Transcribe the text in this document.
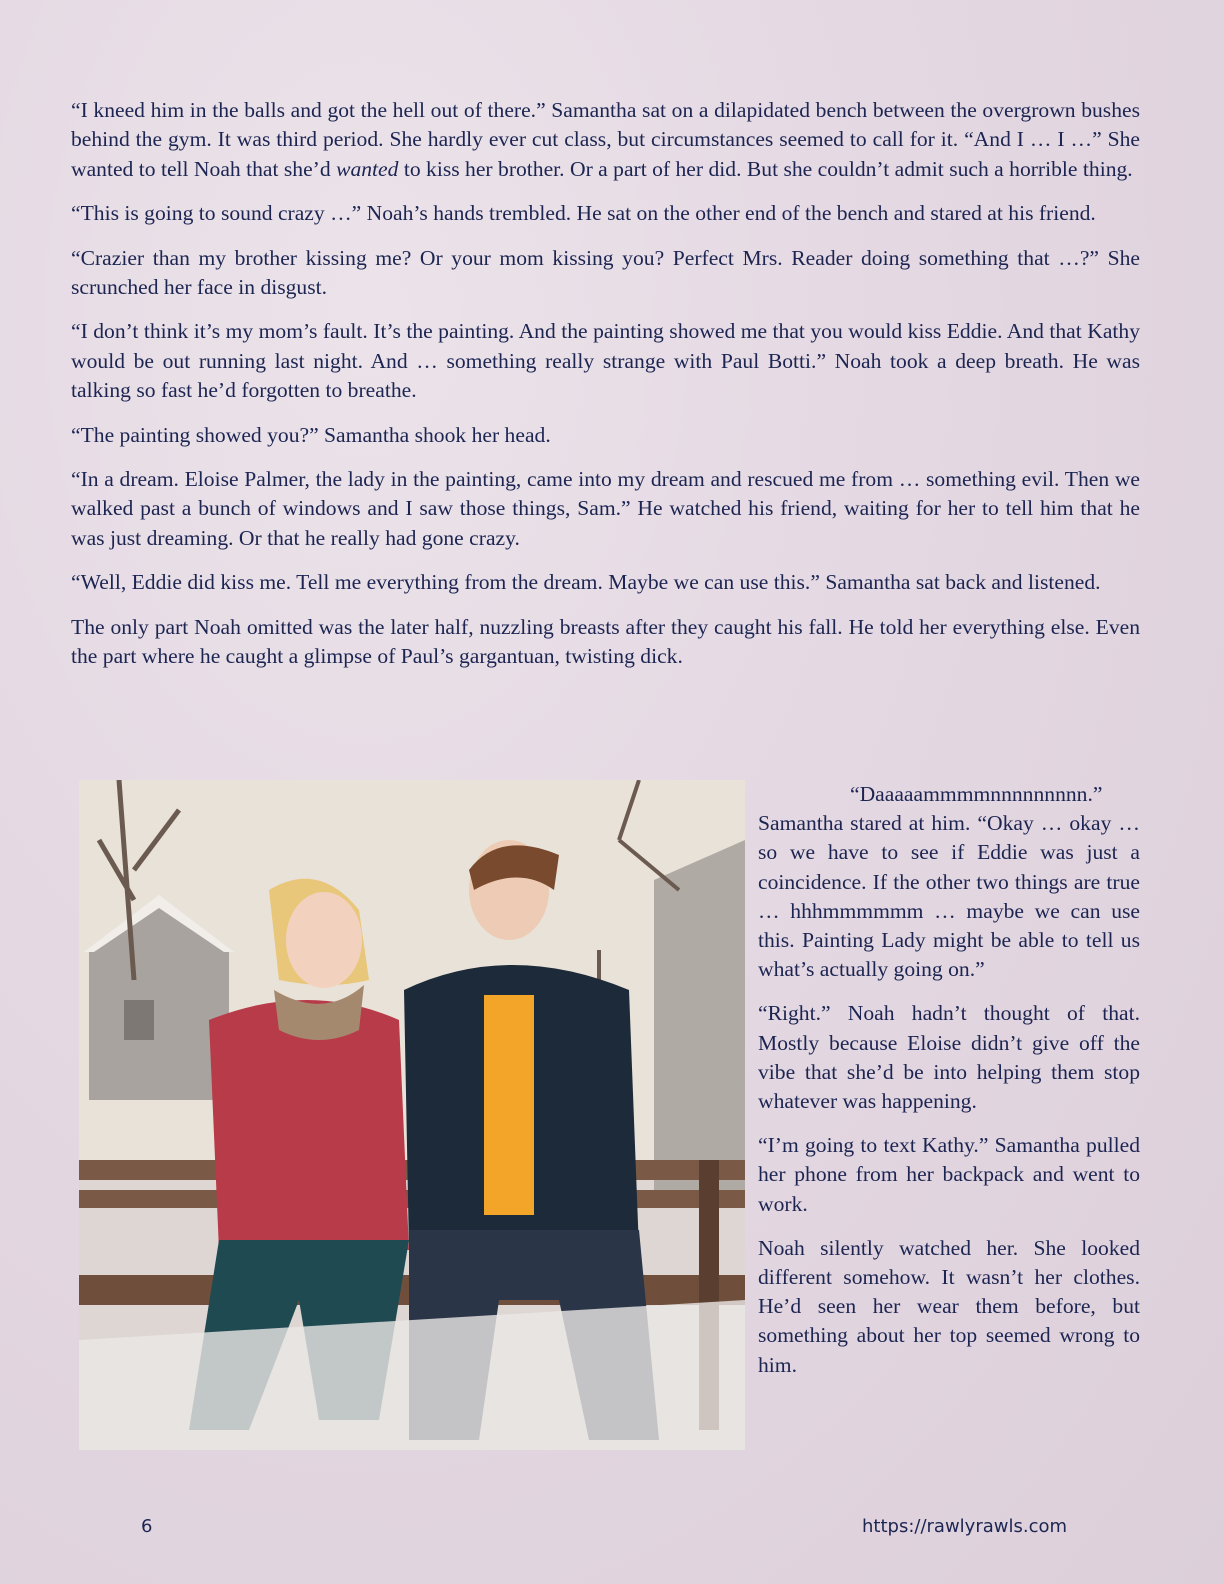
“I kneed him in the balls and got the hell out of there.” Samantha sat on a dilapidated bench between the overgrown bushes behind the gym. It was third period. She hardly ever cut class, but circumstances seemed to call for it. “And I … I …” She wanted to tell Noah that she’d wanted to kiss her brother. Or a part of her did. But she couldn’t admit such a horrible thing.

“This is going to sound crazy …” Noah’s hands trembled. He sat on the other end of the bench and stared at his friend.

“Crazier than my brother kissing me? Or your mom kissing you? Perfect Mrs. Reader doing something that …?” She scrunched her face in disgust.

“I don’t think it’s my mom’s fault. It’s the painting. And the painting showed me that you would kiss Eddie. And that Kathy would be out running last night. And … something really strange with Paul Botti.” Noah took a deep breath. He was talking so fast he’d forgotten to breathe.

“The painting showed you?” Samantha shook her head.

“In a dream. Eloise Palmer, the lady in the painting, came into my dream and rescued me from … something evil. Then we walked past a bunch of windows and I saw those things, Sam.” He watched his friend, waiting for her to tell him that he was just dreaming. Or that he really had gone crazy.

“Well, Eddie did kiss me. Tell me everything from the dream. Maybe we can use this.” Samantha sat back and listened.

The only part Noah omitted was the later half, nuzzling breasts after they caught his fall. He told her everything else. Even the part where he caught a glimpse of Paul’s gargantuan, twisting dick.

“Daaaaammmmnnnnnnnnn.” Samantha stared at him. “Okay … okay … so we have to see if Eddie was just a coincidence. If the other two things are true … hhhmmmmmm … maybe we can use this. Painting Lady might be able to tell us what’s actually going on.”

“Right.” Noah hadn’t thought of that. Mostly because Eloise didn’t give off the vibe that she’d be into helping them stop whatever was happening.

“I’m going to text Kathy.” Samantha pulled her phone from her backpack and went to work.

Noah silently watched her. She looked different somehow. It wasn’t her clothes. He’d seen her wear them before, but something about her top seemed wrong to him.

6	https://rawlyrawls.com
